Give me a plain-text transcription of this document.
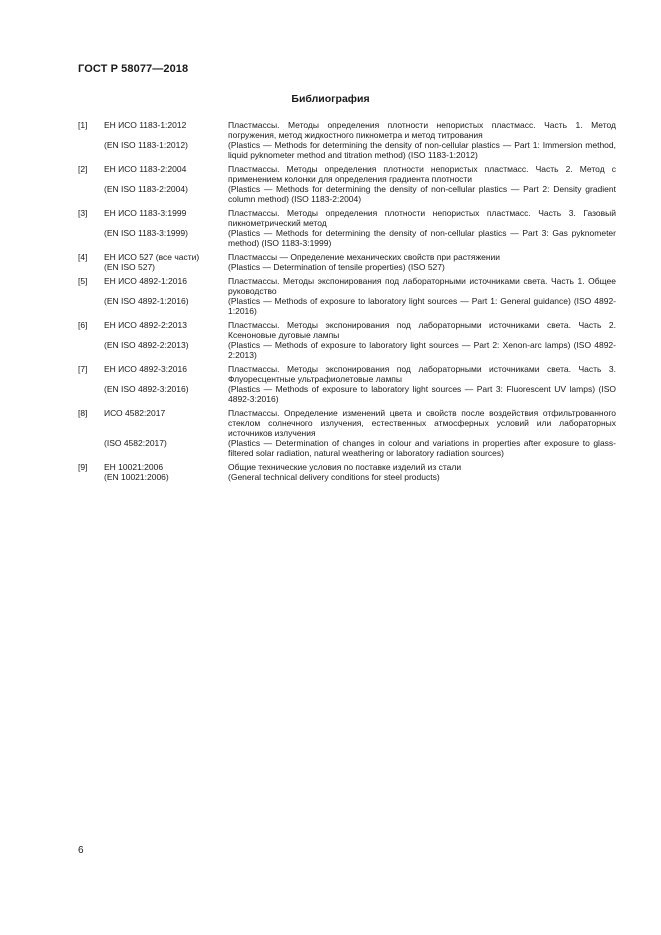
ГОСТ Р 58077—2018
Библиография
[1]	ЕН ИСО 1183-1:2012	Пластмассы. Методы определения плотности непористых пластмасс. Часть 1. Метод погружения, метод жидкостного пикнометра и метод титрования
(EN ISO 1183-1:2012)	(Plastics — Methods for determining the density of non-cellular plastics — Part 1: Immersion method, liquid pyknometer method and titration method) (ISO 1183-1:2012)
[2]	ЕН ИСО 1183-2:2004	Пластмассы. Методы определения плотности непористых пластмасс. Часть 2. Метод с применением колонки для определения градиента плотности
(EN ISO 1183-2:2004)	(Plastics — Methods for determining the density of non-cellular plastics — Part 2: Density gradient column method) (ISO 1183-2:2004)
[3]	ЕН ИСО 1183-3:1999	Пластмассы. Методы определения плотности непористых пластмасс. Часть 3. Газовый пикнометрический метод
(EN ISO 1183-3:1999)	(Plastics — Methods for determining the density of non-cellular plastics — Part 3: Gas pyknometer method) (ISO 1183-3:1999)
[4]	ЕН ИСО 527 (все части)	Пластмассы — Определение механических свойств при растяжении
(EN ISO 527)	(Plastics — Determination of tensile properties) (ISO 527)
[5]	ЕН ИСО 4892-1:2016	Пластмассы. Методы экспонирования под лабораторными источниками света. Часть 1. Общее руководство
(EN ISO 4892-1:2016)	(Plastics — Methods of exposure to laboratory light sources — Part 1: General guidance) (ISO 4892-1:2016)
[6]	ЕН ИСО 4892-2:2013	Пластмассы. Методы экспонирования под лабораторными источниками света. Часть 2. Ксеноновые дуговые лампы
(EN ISO 4892-2:2013)	(Plastics — Methods of exposure to laboratory light sources — Part 2: Xenon-arc lamps) (ISO 4892-2:2013)
[7]	ЕН ИСО 4892-3:2016	Пластмассы. Методы экспонирования под лабораторными источниками света. Часть 3. Флуоресцентные ультрафиолетовые лампы
(EN ISO 4892-3:2016)	(Plastics — Methods of exposure to laboratory light sources — Part 3: Fluorescent UV lamps) (ISO 4892-3:2016)
[8]	ИСО 4582:2017	Пластмассы. Определение изменений цвета и свойств после воздействия отфильтрованного стеклом солнечного излучения, естественных атмосферных условий или лабораторных источников излучения
(ISO 4582:2017)	(Plastics — Determination of changes in colour and variations in properties after exposure to glass-filtered solar radiation, natural weathering or laboratory radiation sources)
[9]	ЕН 10021:2006	Общие технические условия по поставке изделий из стали
(EN 10021:2006)	(General technical delivery conditions for steel products)
6
